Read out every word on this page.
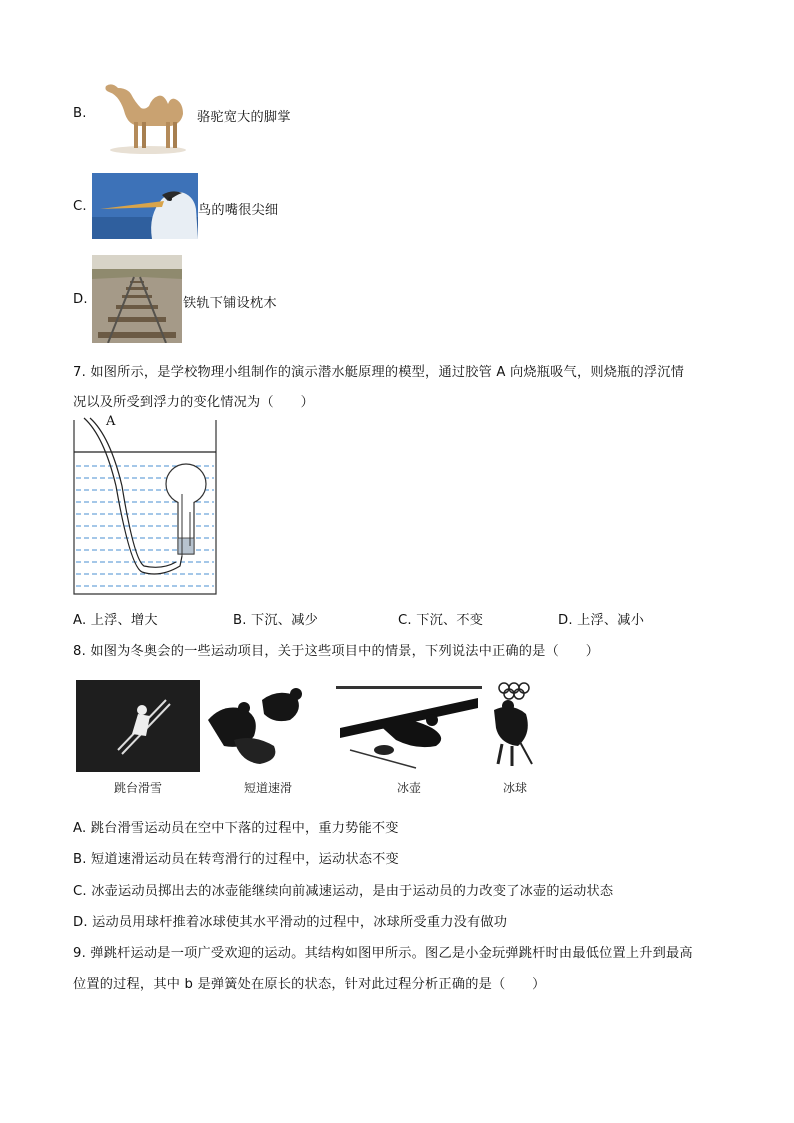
B.	骆驼宽大的脚掌
C.	鸟的嘴很尖细
D.	铁轨下铺设枕木
7. 如图所示，是学校物理小组制作的演示潜水艇原理的模型，通过胶管 A 向烧瓶吸气，则烧瓶的浮沉情
况以及所受到浮力的变化情况为（　　）
A
A. 上浮、增大	B. 下沉、减少	C. 下沉、不变	D. 上浮、减小
8. 如图为冬奥会的一些运动项目，关于这些项目中的情景，下列说法中正确的是（　　）
跳台滑雪	短道速滑	冰壶	冰球
A. 跳台滑雪运动员在空中下落的过程中，重力势能不变
B. 短道速滑运动员在转弯滑行的过程中，运动状态不变
C. 冰壶运动员掷出去的冰壶能继续向前减速运动，是由于运动员的力改变了冰壶的运动状态
D. 运动员用球杆推着冰球使其水平滑动的过程中，冰球所受重力没有做功
9. 弹跳杆运动是一项广受欢迎的运动。其结构如图甲所示。图乙是小金玩弹跳杆时由最低位置上升到最高
位置的过程，其中 b 是弹簧处在原长的状态，针对此过程分析正确的是（　　）
